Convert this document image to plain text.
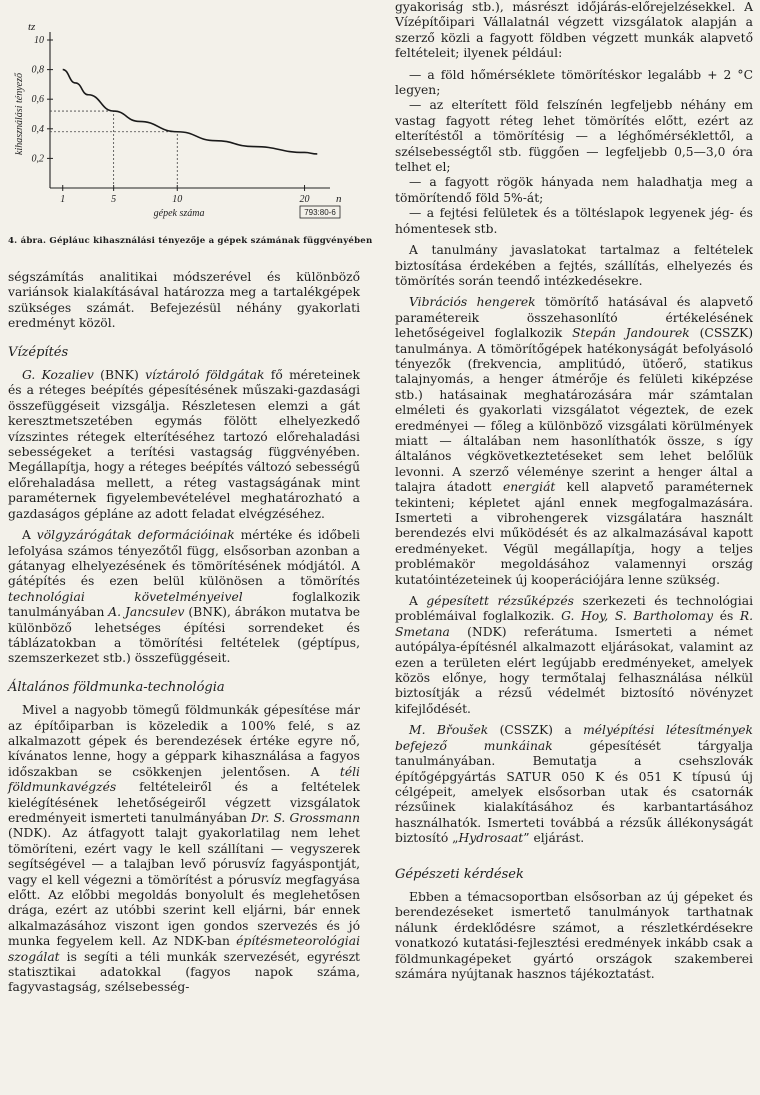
0,2
0,4
0,6
0,8
10
1	5	10	20
tz
n
kihasználási tényező
gépek száma	793:80-6
4. ábra. Gépláuc kihasználási tényezője a gépek számának függvényében

ségszámítás analitikai módszerével és különböző variánsok kialakításával határozza meg a tartalékgépek szükséges számát. Befejezésül néhány gyakorlati eredményt közöl.

Vízépítés

G. Kozaliev (BNK) víztároló földgátak fő méreteinek és a réteges beépítés gépesítésének műszaki-gazdasági összefüggéseit vizsgálja. Részletesen elemzi a gát keresztmetszetében egymás fölött elhelyezkedő vízszintes rétegek elterítéséhez tartozó előrehaladási sebességeket a terítési vastagság függvényében. Megállapítja, hogy a réteges beépítés változó sebességű előrehaladása mellett, a réteg vastagságának mint paraméternek figyelembevételével meghatározható a gazdaságos gépláne az adott feladat elvégzéséhez.

A völgyzárógátak deformációinak mértéke és időbeli lefolyása számos tényezőtől függ, elsősorban azonban a gátanyag elhelyezésének és tömörítésének módjától. A gátépítés és ezen belül különösen a tömörítés technológiai követelményeivel foglalkozik tanulmányában A. Jancsulev (BNK), ábrákon mutatva be különböző lehetséges építési sorrendeket és táblázatokban a tömörítési feltételek (géptípus, szemszerkezet stb.) összefüggéseit.

Általános földmunka-technológia

Mivel a nagyobb tömegű földmunkák gépesítése már az építőiparban is közeledik a 100% felé, s az alkalmazott gépek és berendezések értéke egyre nő, kívánatos lenne, hogy a géppark kihasználása a fagyos időszakban se csökkenjen jelentősen. A téli földmunkavégzés feltételeiről és a feltételek kielégítésének lehetőségeiről végzett vizsgálatok eredményeit ismerteti tanulmányában Dr. S. Grossmann (NDK). Az átfagyott talajt gyakorlatilag nem lehet tömöríteni, ezért vagy le kell szállítani — vegyszerek segítségével — a talajban levő pórusvíz fagyáspontját, vagy el kell végezni a tömörítést a pórusvíz megfagyása előtt. Az előbbi megoldás bonyolult és meglehetősen drága, ezért az utóbbi szerint kell eljárni, bár ennek alkalmazásához viszont igen gondos szervezés és jó munka fegyelem kell. Az NDK-ban építésmeteorológiai szogálat is segíti a téli munkák szervezését, egyrészt statisztikai adatokkal (fagyos napok száma, fagyvastagság, szélsebesség-

gyakoriság stb.), másrészt időjárás-előrejelzésekkel. A Vízépítőipari Vállalatnál végzett vizsgálatok alapján a szerző közli a fagyott földben végzett munkák alapvető feltételeit; ilyenek például:

— a föld hőmérséklete tömörítéskor legalább + 2 °C legyen;

— az elterített föld felszínén legfeljebb néhány em vastag fagyott réteg lehet tömörítés előtt, ezért az elterítéstől a tömörítésig — a léghőmérséklettől, a szélsebességtől stb. függően — legfeljebb 0,5—3,0 óra telhet el;

— a fagyott rögök hányada nem haladhatja meg a tömörítendő föld 5%-át;

— a fejtési felületek és a töltéslapok legyenek jég- és hómentesek stb.

A tanulmány javaslatokat tartalmaz a feltételek biztosítása érdekében a fejtés, szállítás, elhelyezés és tömörítés során teendő intézkedésekre.

Vibrációs hengerek tömörítő hatásával és alapvető paramétereik összehasonlító értékelésének lehetőségeivel foglalkozik Stepán Jandourek (CSSZK) tanulmánya. A tömörítőgépek hatékonyságát befolyásoló tényezők (frekvencia, amplitúdó, ütőerő, statikus talajnyomás, a henger átmérője és felületi kiképzése stb.) hatásainak meghatározására már számtalan elméleti és gyakorlati vizsgálatot végeztek, de ezek eredményei — főleg a különböző vizsgálati körülmények miatt — általában nem hasonlíthatók össze, s így általános végkövetkeztetéseket sem lehet belőlük levonni. A szerző véleménye szerint a henger által a talajra átadott energiát kell alapvető paraméternek tekinteni; képletet ajánl ennek megfogalmazására. Ismerteti a vibrohengerek vizsgálatára használt berendezés elvi működését és az alkalmazásával kapott eredményeket. Végül megállapítja, hogy a teljes problémakör megoldásához valamennyi ország kutatóintézeteinek új kooperációjára lenne szükség.

A gépesített rézsűképzés szerkezeti és technológiai problémáival foglalkozik. G. Hoy, S. Bartholomay és R. Smetana (NDK) referátuma. Ismerteti a német autópálya-építésnél alkalmazott eljárásokat, valamint az ezen a területen elért legújabb eredményeket, amelyek közös előnye, hogy termőtalaj felhasználása nélkül biztosítják a rézsű védelmét biztosító növényzet kifejlődését.

M. Břoušek (CSSZK) a mélyépítési létesítmények befejező munkáinak gépesítését tárgyalja tanulmányában. Bemutatja a csehszlovák építőgépgyártás SATUR 050 K és 051 K típusú új célgépeit, amelyek elsősorban utak és csatornák rézsűinek kialakításához és karbantartásához használhatók. Ismerteti továbbá a rézsűk állékonyságát biztosító „Hydrosaat” eljárást.

Gépészeti kérdések

Ebben a témacsoportban elsősorban az új gépeket és berendezéseket ismertető tanulmányok tarthatnak nálunk érdeklődésre számot, a részletkérdésekre vonatkozó kutatási-fejlesztési eredmények inkább csak a földmunkagépeket gyártó országok szakemberei számára nyújtanak hasznos tájékoztatást.
